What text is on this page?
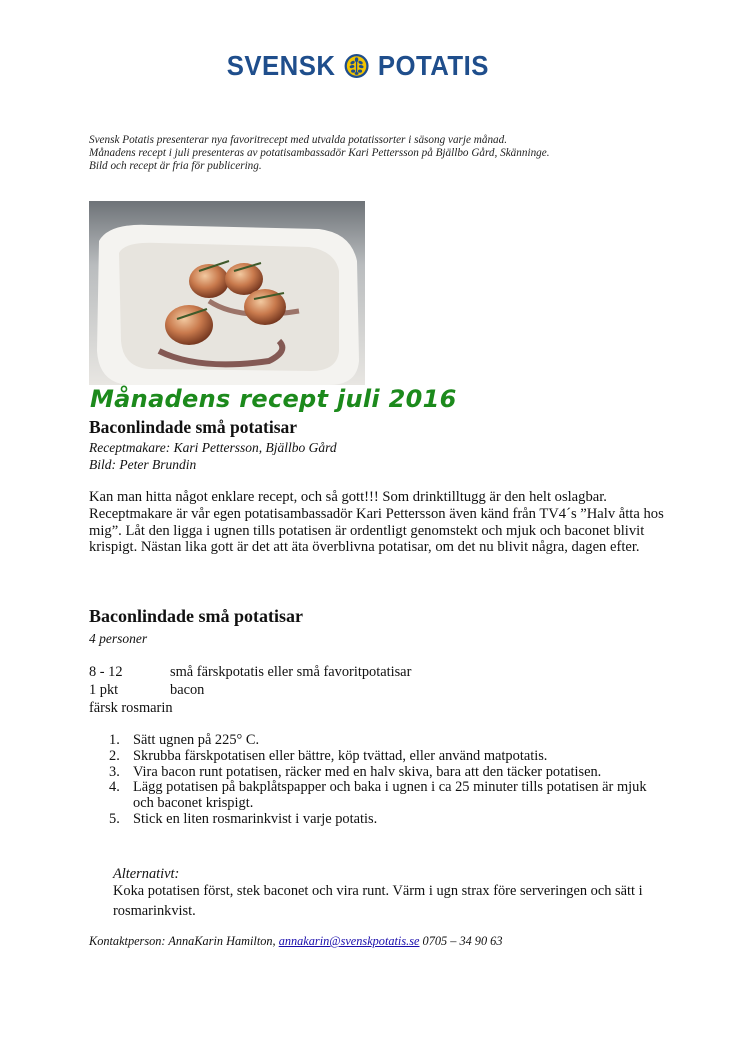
SVENSK POTATIS

Svensk Potatis presenterar nya favoritrecept med utvalda potatissorter i säsong varje månad.

Månadens recept i juli presenteras av potatisambassadör Kari Pettersson på Bjällbo Gård, Skänninge.

Bild och recept är fria för publicering.

Månadens recept juli 2016
Baconlindade små potatisar
Receptmakare: Kari Pettersson, Bjällbo Gård
Bild: Peter Brundin
Kan man hitta något enklare recept, och så gott!!! Som drinktilltugg är den helt oslagbar. Receptmakare är vår egen potatisambassadör Kari Pettersson även känd från TV4´s ”Halv åtta hos mig”. Låt den ligga i ugnen tills potatisen är ordentligt genomstekt och mjuk och baconet blivit krispigt. Nästan lika gott är det att äta överblivna potatisar, om det nu blivit några, dagen efter.
Baconlindade små potatisar
4 personer
8 - 12	små färskpotatis eller små favoritpotatisar
1 pkt	bacon
färsk rosmarin
1. Sätt ugnen på 225° C.
2. Skrubba färskpotatisen eller bättre, köp tvättad, eller använd matpotatis.
3. Vira bacon runt potatisen, räcker med en halv skiva, bara att den täcker potatisen.
4. Lägg potatisen på bakplåtspapper och baka i ugnen i ca 25 minuter tills potatisen är mjuk och baconet krispigt.
5. Stick en liten rosmarinkvist i varje potatis.
Alternativt:
Koka potatisen först, stek baconet och vira runt. Värm i ugn strax före serveringen och sätt i rosmarinkvist.
Kontaktperson: AnnaKarin Hamilton, annakarin@svenskpotatis.se 0705 – 34 90 63
